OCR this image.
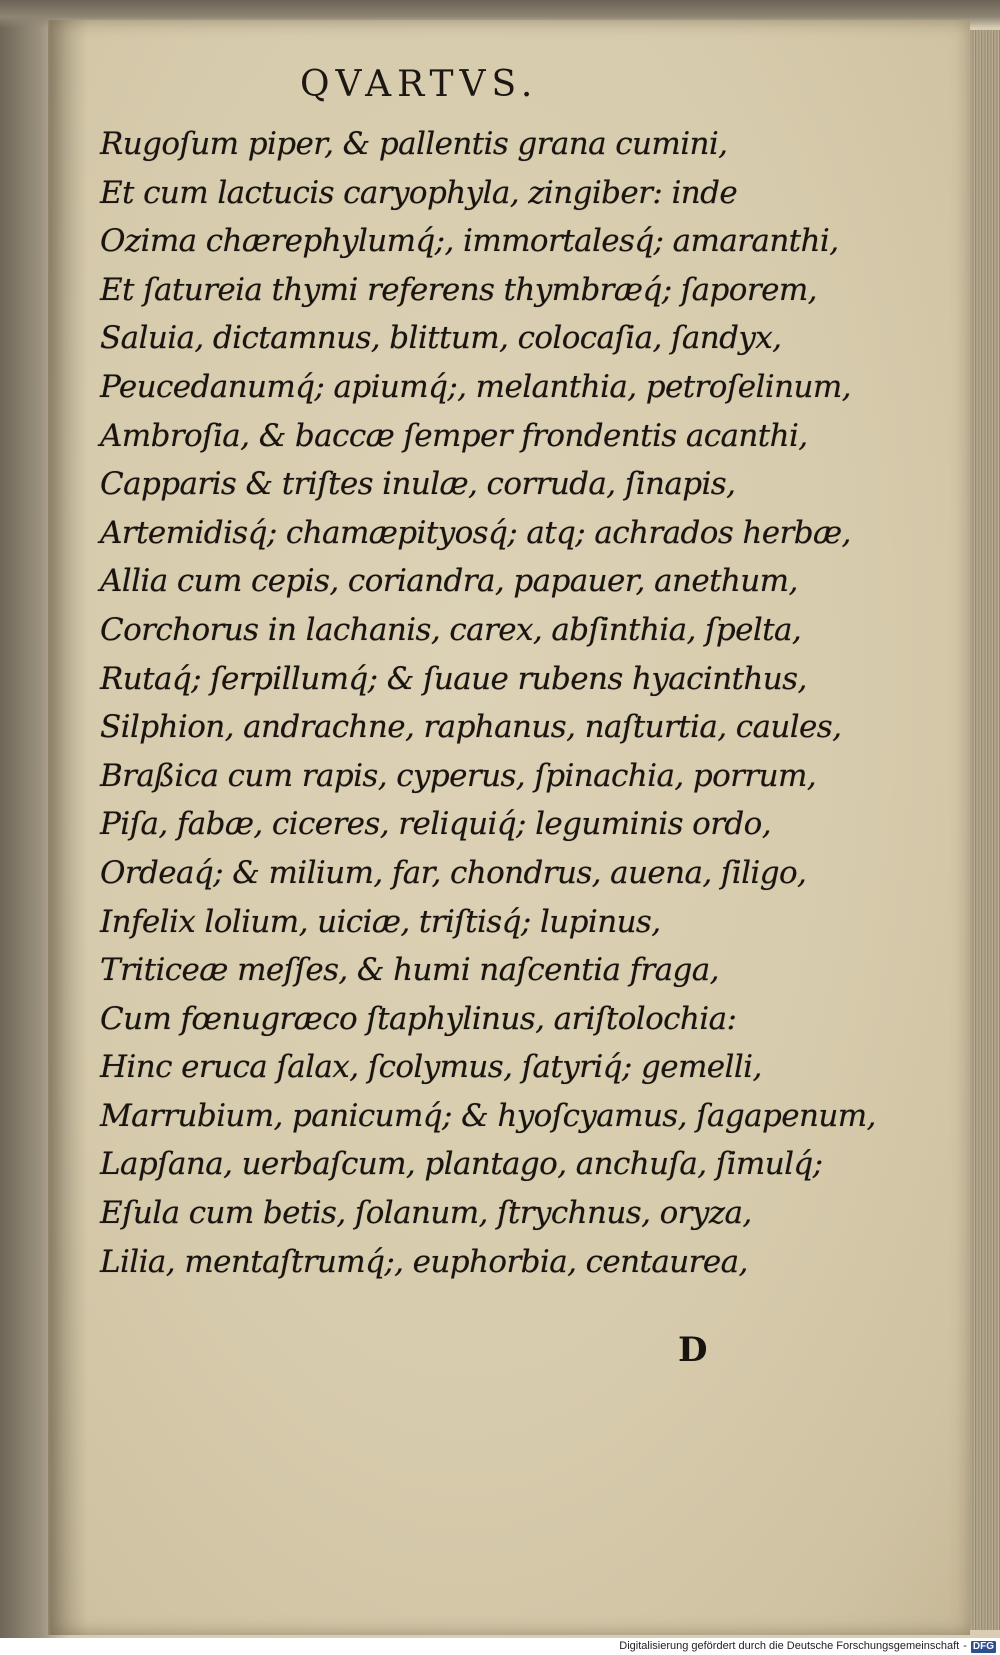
QVARTVS.
Rugoſum piper, & pallentis grana cumini,
Et cum lactucis caryophyla, zingiber: inde
Ozima chærephylumq́;, immortalesq́; amaranthi,
Et ſatureia thymi referens thymbræq́; ſaporem,
Saluia, dictamnus, blittum, colocaſia, ſandyx,
Peucedanumq́; apiumq́;, melanthia, petroſelinum,
Ambroſia, & baccæ ſemper frondentis acanthi,
Capparis & triſtes inulæ, corruda, ſinapis,
Artemidisq́; chamæpityosq́; atq; achrados herbæ,
Allia cum cepis, coriandra, papauer, anethum,
Corchorus in lachanis, carex, abſinthia, ſpelta,
Rutaq́; ſerpillumq́; & ſuaue rubens hyacinthus,
Silphion, andrachne, raphanus, naſturtia, caules,
Braßica cum rapis, cyperus, ſpinachia, porrum,
Piſa, fabæ, ciceres, reliquiq́; leguminis ordo,
Ordeaq́; & milium, far, chondrus, auena, ſiligo,
Infelix lolium, uiciæ, triſtisq́; lupinus,
Triticeæ meſſes, & humi naſcentia fraga,
Cum fœnugræco ſtaphylinus, ariſtolochia:
Hinc eruca ſalax, ſcolymus, ſatyriq́; gemelli,
Marrubium, panicumq́; & hyoſcyamus, ſagapenum,
Lapſana, uerbaſcum, plantago, anchuſa, ſimulq́;
Eſula cum betis, ſolanum, ſtrychnus, oryza,
Lilia, mentaſtrumq́;, euphorbia, centaurea,
D
Digitalisierung gefördert durch die Deutsche Forschungsgemeinschaft - DFG
